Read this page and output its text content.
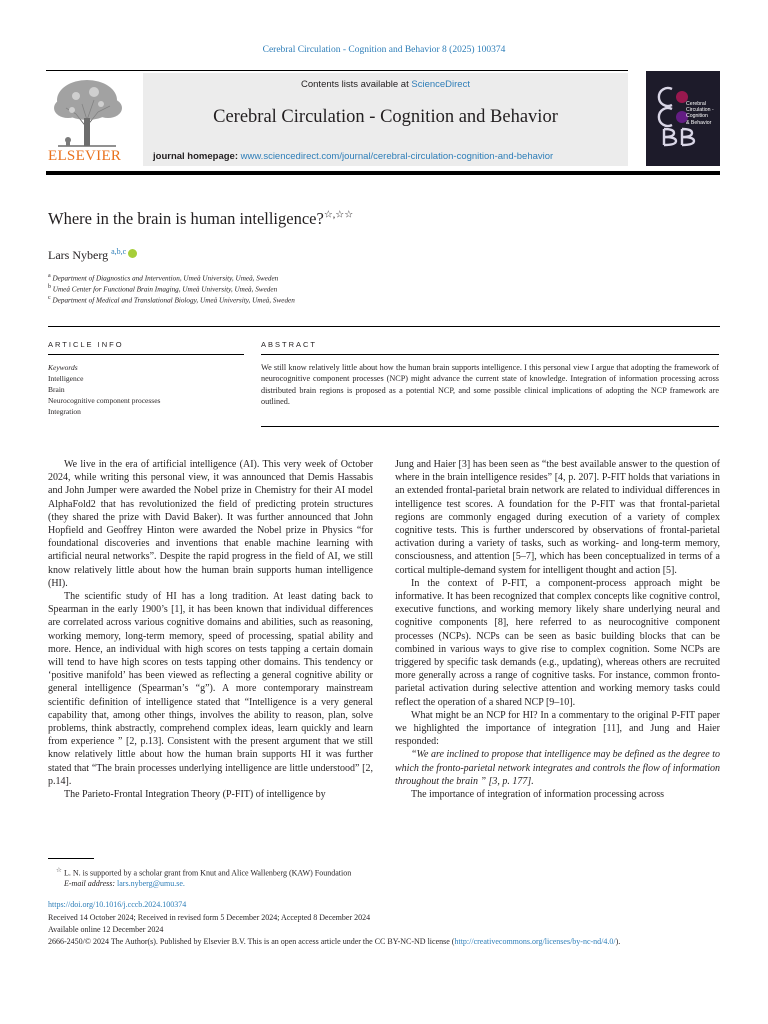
Cerebral Circulation - Cognition and Behavior 8 (2025) 100374
ELSEVIER
Contents lists available at ScienceDirect
Cerebral Circulation - Cognition and Behavior
journal homepage: www.sciencedirect.com/journal/cerebral-circulation-cognition-and-behavior
Cerebral
Circulation -
Cognition
& Behavior
Where in the brain is human intelligence?☆,☆☆
Lars Nyberg $^{a,b,c}$
$^a$ Department of Diagnostics and Intervention, Umeå University, Umeå, Sweden
$^b$ Umeå Center for Functional Brain Imaging, Umeå University, Umeå, Sweden
$^c$ Department of Medical and Translational Biology, Umeå University, Umeå, Sweden
ARTICLE INFO	ABSTRACT
Keywords
Intelligence
Brain
Neurocognitive component processes
Integration
We still know relatively little about how the human brain supports intelligence. I this personal view I argue that adopting the framework of neurocognitive component processes (NCP) might advance the current state of knowledge. Integration of information processing across distributed brain regions is proposed as a potential NCP, and some possible clinical implications of adopting the NCP framework are outlined.

We live in the era of artificial intelligence (AI). This very week of October 2024, while writing this personal view, it was announced that Demis Hassabis and John Jumper were awarded the Nobel prize in Chemistry for their AI model AlphaFold2 that has revolutionized the field of predicting protein structures (they shared the prize with David Baker). It was further announced that John Hopfield and Geoffrey Hinton were awarded the Nobel prize in Physics “for foundational discoveries and inventions that enable machine learning with artificial neural networks”. Despite the rapid progress in the field of AI, we still know relatively little about how the human brain supports human intelligence (HI).

The scientific study of HI has a long tradition. At least dating back to Spearman in the early 1900’s [1], it has been known that individual differences are correlated across various cognitive domains and abilities, such as reasoning, working memory, long-term memory, speed of processing, spatial ability and more. Hence, an individual with high scores on tests tapping a certain domain will tend to have high scores on tests tapping other domains. This tendency or ‘positive manifold’ has been viewed as reflecting a general cognitive ability or general intelligence (Spearman’s “g”). A more contemporary mainstream scientific definition of intelligence stated that “Intelligence is a very general capability that, among other things, involves the ability to reason, plan, solve problems, think abstractly, comprehend complex ideas, learn quickly and learn from experience ” [2, p.13]. Consistent with the present argument that we still know relatively little about how the human brain supports HI it was further stated that “The brain processes underlying intelligence are little understood” [2, p.14].

The Parieto-Frontal Integration Theory (P-FIT) of intelligence by

Jung and Haier [3] has been seen as “the best available answer to the question of where in the brain intelligence resides” [4, p. 207]. P-FIT holds that variations in an extended frontal-parietal brain network are related to individual differences in intelligence test scores. A foundation for the P-FIT was that frontal-parietal regions are commonly engaged during execution of a variety of complex cognitive tests. This is further underscored by observations of frontal-parietal activation during a variety of tasks, such as working- and long-term memory, consciousness, and attention [5–7], which has been conceptualized in terms of a cortical multiple-demand system for intelligent thought and action [5].

In the context of P-FIT, a component-process approach might be informative. It has been recognized that complex concepts like cognitive control, executive functions, and working memory likely share underlying neural and cognitive components [8], here referred to as neurocognitive component processes (NCPs). NCPs can be seen as basic building blocks that can be combined in various ways to give rise to complex cognition. Some NCPs are triggered by specific task demands (e.g., updating), whereas others are recruited more generally across a range of cognitive tasks. For instance, common fronto-parietal activation during selective attention and working memory tasks could reflect the operation of a shared NCP [9–10].

What might be an NCP for HI? In a commentary to the original P-FIT paper we highlighted the importance of integration [11], and Jung and Haier responded:

“We are inclined to propose that intelligence may be defined as the degree to which the fronto-parietal network integrates and controls the flow of information throughout the brain ” [3, p. 177].

The importance of integration of information processing across

☆ L. N. is supported by a scholar grant from Knut and Alice Wallenberg (KAW) Foundation
E-mail address: lars.nyberg@umu.se.
https://doi.org/10.1016/j.cccb.2024.100374
Received 14 October 2024; Received in revised form 5 December 2024; Accepted 8 December 2024
Available online 12 December 2024
2666-2450/© 2024 The Author(s). Published by Elsevier B.V. This is an open access article under the CC BY-NC-ND license (http://creativecommons.org/licenses/by-nc-nd/4.0/).
